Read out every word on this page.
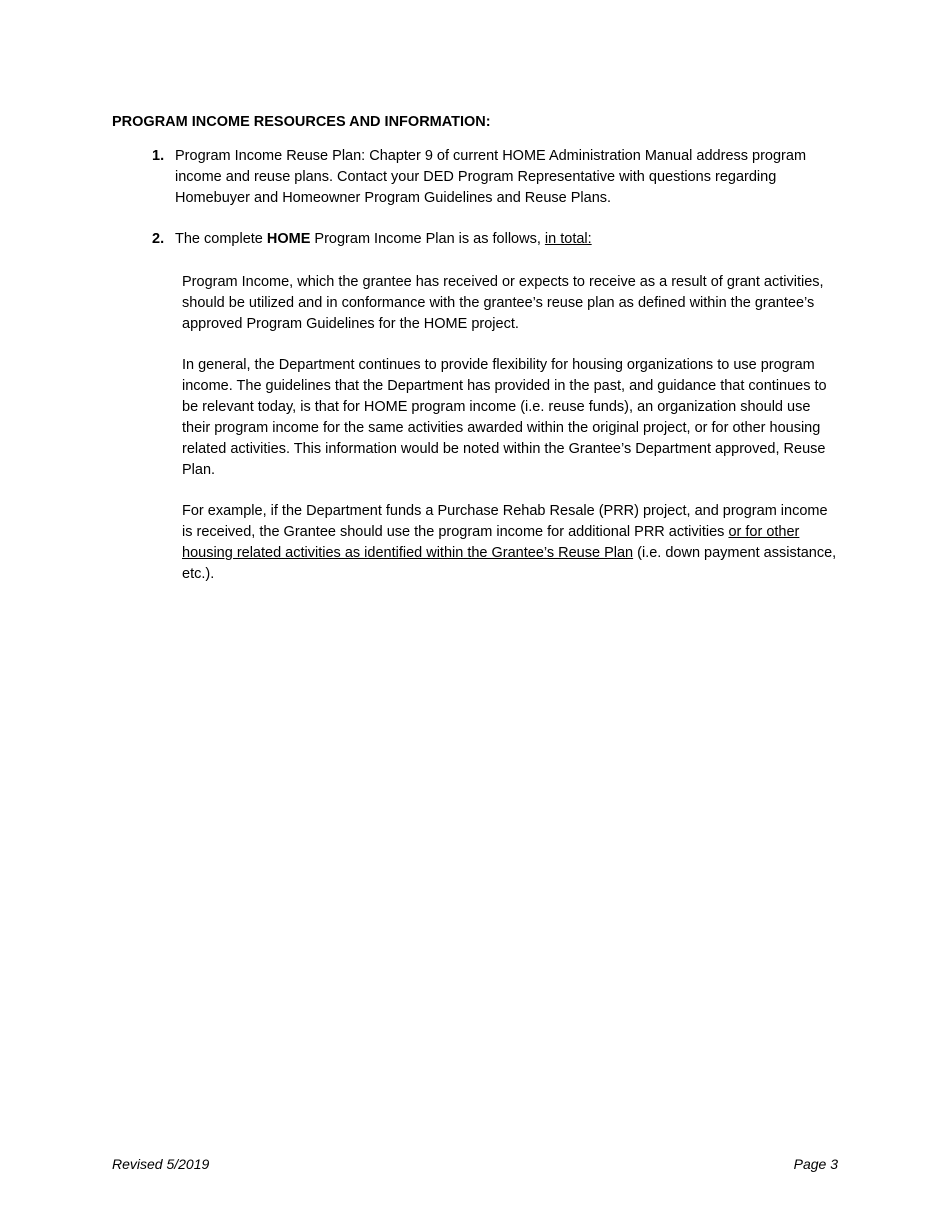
PROGRAM INCOME RESOURCES AND INFORMATION:
1. Program Income Reuse Plan: Chapter 9 of current HOME Administration Manual address program income and reuse plans. Contact your DED Program Representative with questions regarding Homebuyer and Homeowner Program Guidelines and Reuse Plans.
2. The complete HOME Program Income Plan is as follows, in total:
Program Income, which the grantee has received or expects to receive as a result of grant activities, should be utilized and in conformance with the grantee’s reuse plan as defined within the grantee’s approved Program Guidelines for the HOME project.
In general, the Department continues to provide flexibility for housing organizations to use program income. The guidelines that the Department has provided in the past, and guidance that continues to be relevant today, is that for HOME program income (i.e. reuse funds), an organization should use their program income for the same activities awarded within the original project, or for other housing related activities. This information would be noted within the Grantee’s Department approved, Reuse Plan.
For example, if the Department funds a Purchase Rehab Resale (PRR) project, and program income is received, the Grantee should use the program income for additional PRR activities or for other housing related activities as identified within the Grantee’s Reuse Plan (i.e. down payment assistance, etc.).
Revised 5/2019	Page 3
